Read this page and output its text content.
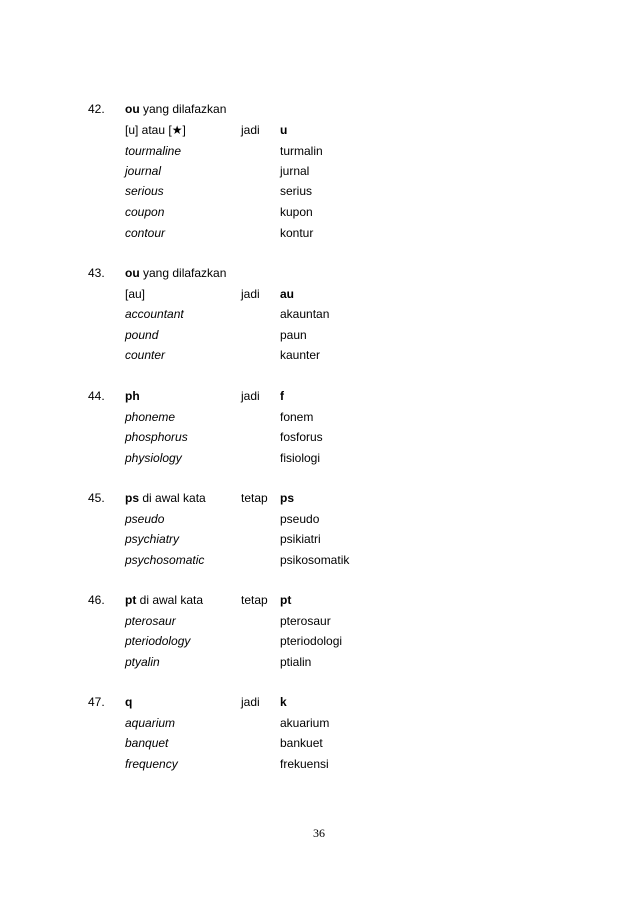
42. ou yang dilafazkan
[u] atau [★]	jadi u
tourmaline	turmalin
journal	jurnal
serious	serius
coupon	kupon
contour	kontur
43. ou yang dilafazkan
[au]	jadi au
accountant	akauntan
pound	paun
counter	kaunter
44. ph	jadi f
phoneme	fonem
phosphorus	fosforus
physiology	fisiologi
45. ps di awal kata	tetap ps
pseudo	pseudo
psychiatry	psikiatri
psychosomatic	psikosomatik
46. pt di awal kata	tetap pt
pterosaur	pterosaur
pteriodology	pteriodologi
ptyalin	ptialin
47. q	jadi k
aquarium	akuarium
banquet	bankuet
frequency	frekuensi
36
